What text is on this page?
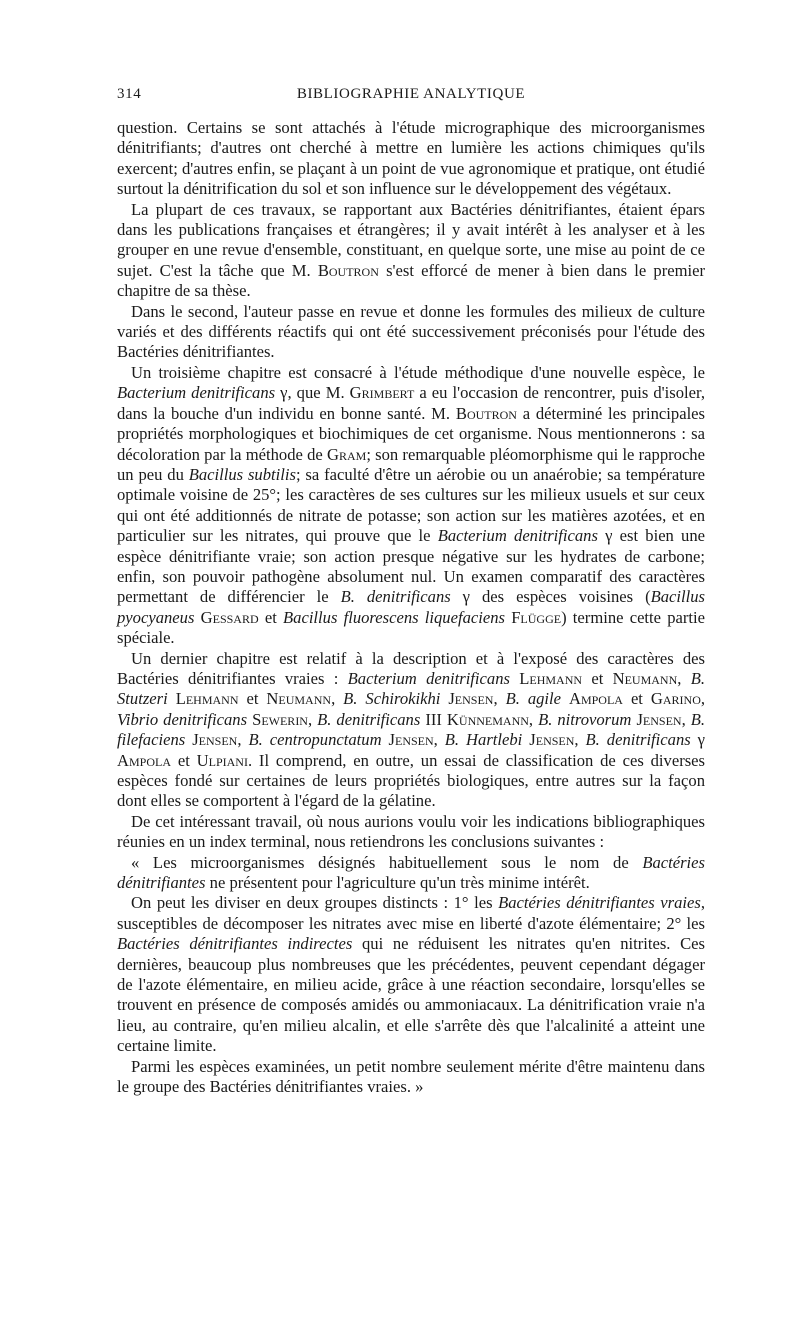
314	BIBLIOGRAPHIE ANALYTIQUE

question. Certains se sont attachés à l'étude micrographique des microorganismes dénitrifiants; d'autres ont cherché à mettre en lumière les actions chimiques qu'ils exercent; d'autres enfin, se plaçant à un point de vue agronomique et pratique, ont étudié surtout la dénitrification du sol et son influence sur le développement des végétaux.

La plupart de ces travaux, se rapportant aux Bactéries dénitrifiantes, étaient épars dans les publications françaises et étrangères; il y avait intérêt à les analyser et à les grouper en une revue d'ensemble, constituant, en quelque sorte, une mise au point de ce sujet. C'est la tâche que M. Boutron s'est efforcé de mener à bien dans le premier chapitre de sa thèse.

Dans le second, l'auteur passe en revue et donne les formules des milieux de culture variés et des différents réactifs qui ont été successivement préconisés pour l'étude des Bactéries dénitrifiantes.

Un troisième chapitre est consacré à l'étude méthodique d'une nouvelle espèce, le Bacterium denitrificans γ, que M. Grimbert a eu l'occasion de rencontrer, puis d'isoler, dans la bouche d'un individu en bonne santé. M. Boutron a déterminé les principales propriétés morphologiques et biochimiques de cet organisme. Nous mentionnerons : sa décoloration par la méthode de Gram; son remarquable pléomorphisme qui le rapproche un peu du Bacillus subtilis; sa faculté d'être un aérobie ou un anaérobie; sa température optimale voisine de 25°; les caractères de ses cultures sur les milieux usuels et sur ceux qui ont été additionnés de nitrate de potasse; son action sur les matières azotées, et en particulier sur les nitrates, qui prouve que le Bacterium denitrificans γ est bien une espèce dénitrifiante vraie; son action presque négative sur les hydrates de carbone; enfin, son pouvoir pathogène absolument nul. Un examen comparatif des caractères permettant de différencier le B. denitrificans γ des espèces voisines (Bacillus pyocyaneus Gessard et Bacillus fluorescens liquefaciens Flügge) termine cette partie spéciale.

Un dernier chapitre est relatif à la description et à l'exposé des caractères des Bactéries dénitrifiantes vraies : Bacterium denitrificans Lehmann et Neumann, B. Stutzeri Lehmann et Neumann, B. Schirokikhi Jensen, B. agile Ampola et Garino, Vibrio denitrificans Sewerin, B. denitrificans III Künnemann, B. nitrovorum Jensen, B. filefaciens Jensen, B. centropunctatum Jensen, B. Hartlebi Jensen, B. denitrificans γ Ampola et Ulpiani. Il comprend, en outre, un essai de classification de ces diverses espèces fondé sur certaines de leurs propriétés biologiques, entre autres sur la façon dont elles se comportent à l'égard de la gélatine.

De cet intéressant travail, où nous aurions voulu voir les indications bibliographiques réunies en un index terminal, nous retiendrons les conclusions suivantes :

« Les microorganismes désignés habituellement sous le nom de Bactéries dénitrifiantes ne présentent pour l'agriculture qu'un très minime intérêt.

On peut les diviser en deux groupes distincts : 1° les Bactéries dénitrifiantes vraies, susceptibles de décomposer les nitrates avec mise en liberté d'azote élémentaire; 2° les Bactéries dénitrifiantes indirectes qui ne réduisent les nitrates qu'en nitrites. Ces dernières, beaucoup plus nombreuses que les précédentes, peuvent cependant dégager de l'azote élémentaire, en milieu acide, grâce à une réaction secondaire, lorsqu'elles se trouvent en présence de composés amidés ou ammoniacaux. La dénitrification vraie n'a lieu, au contraire, qu'en milieu alcalin, et elle s'arrête dès que l'alcalinité a atteint une certaine limite.

Parmi les espèces examinées, un petit nombre seulement mérite d'être maintenu dans le groupe des Bactéries dénitrifiantes vraies. »
